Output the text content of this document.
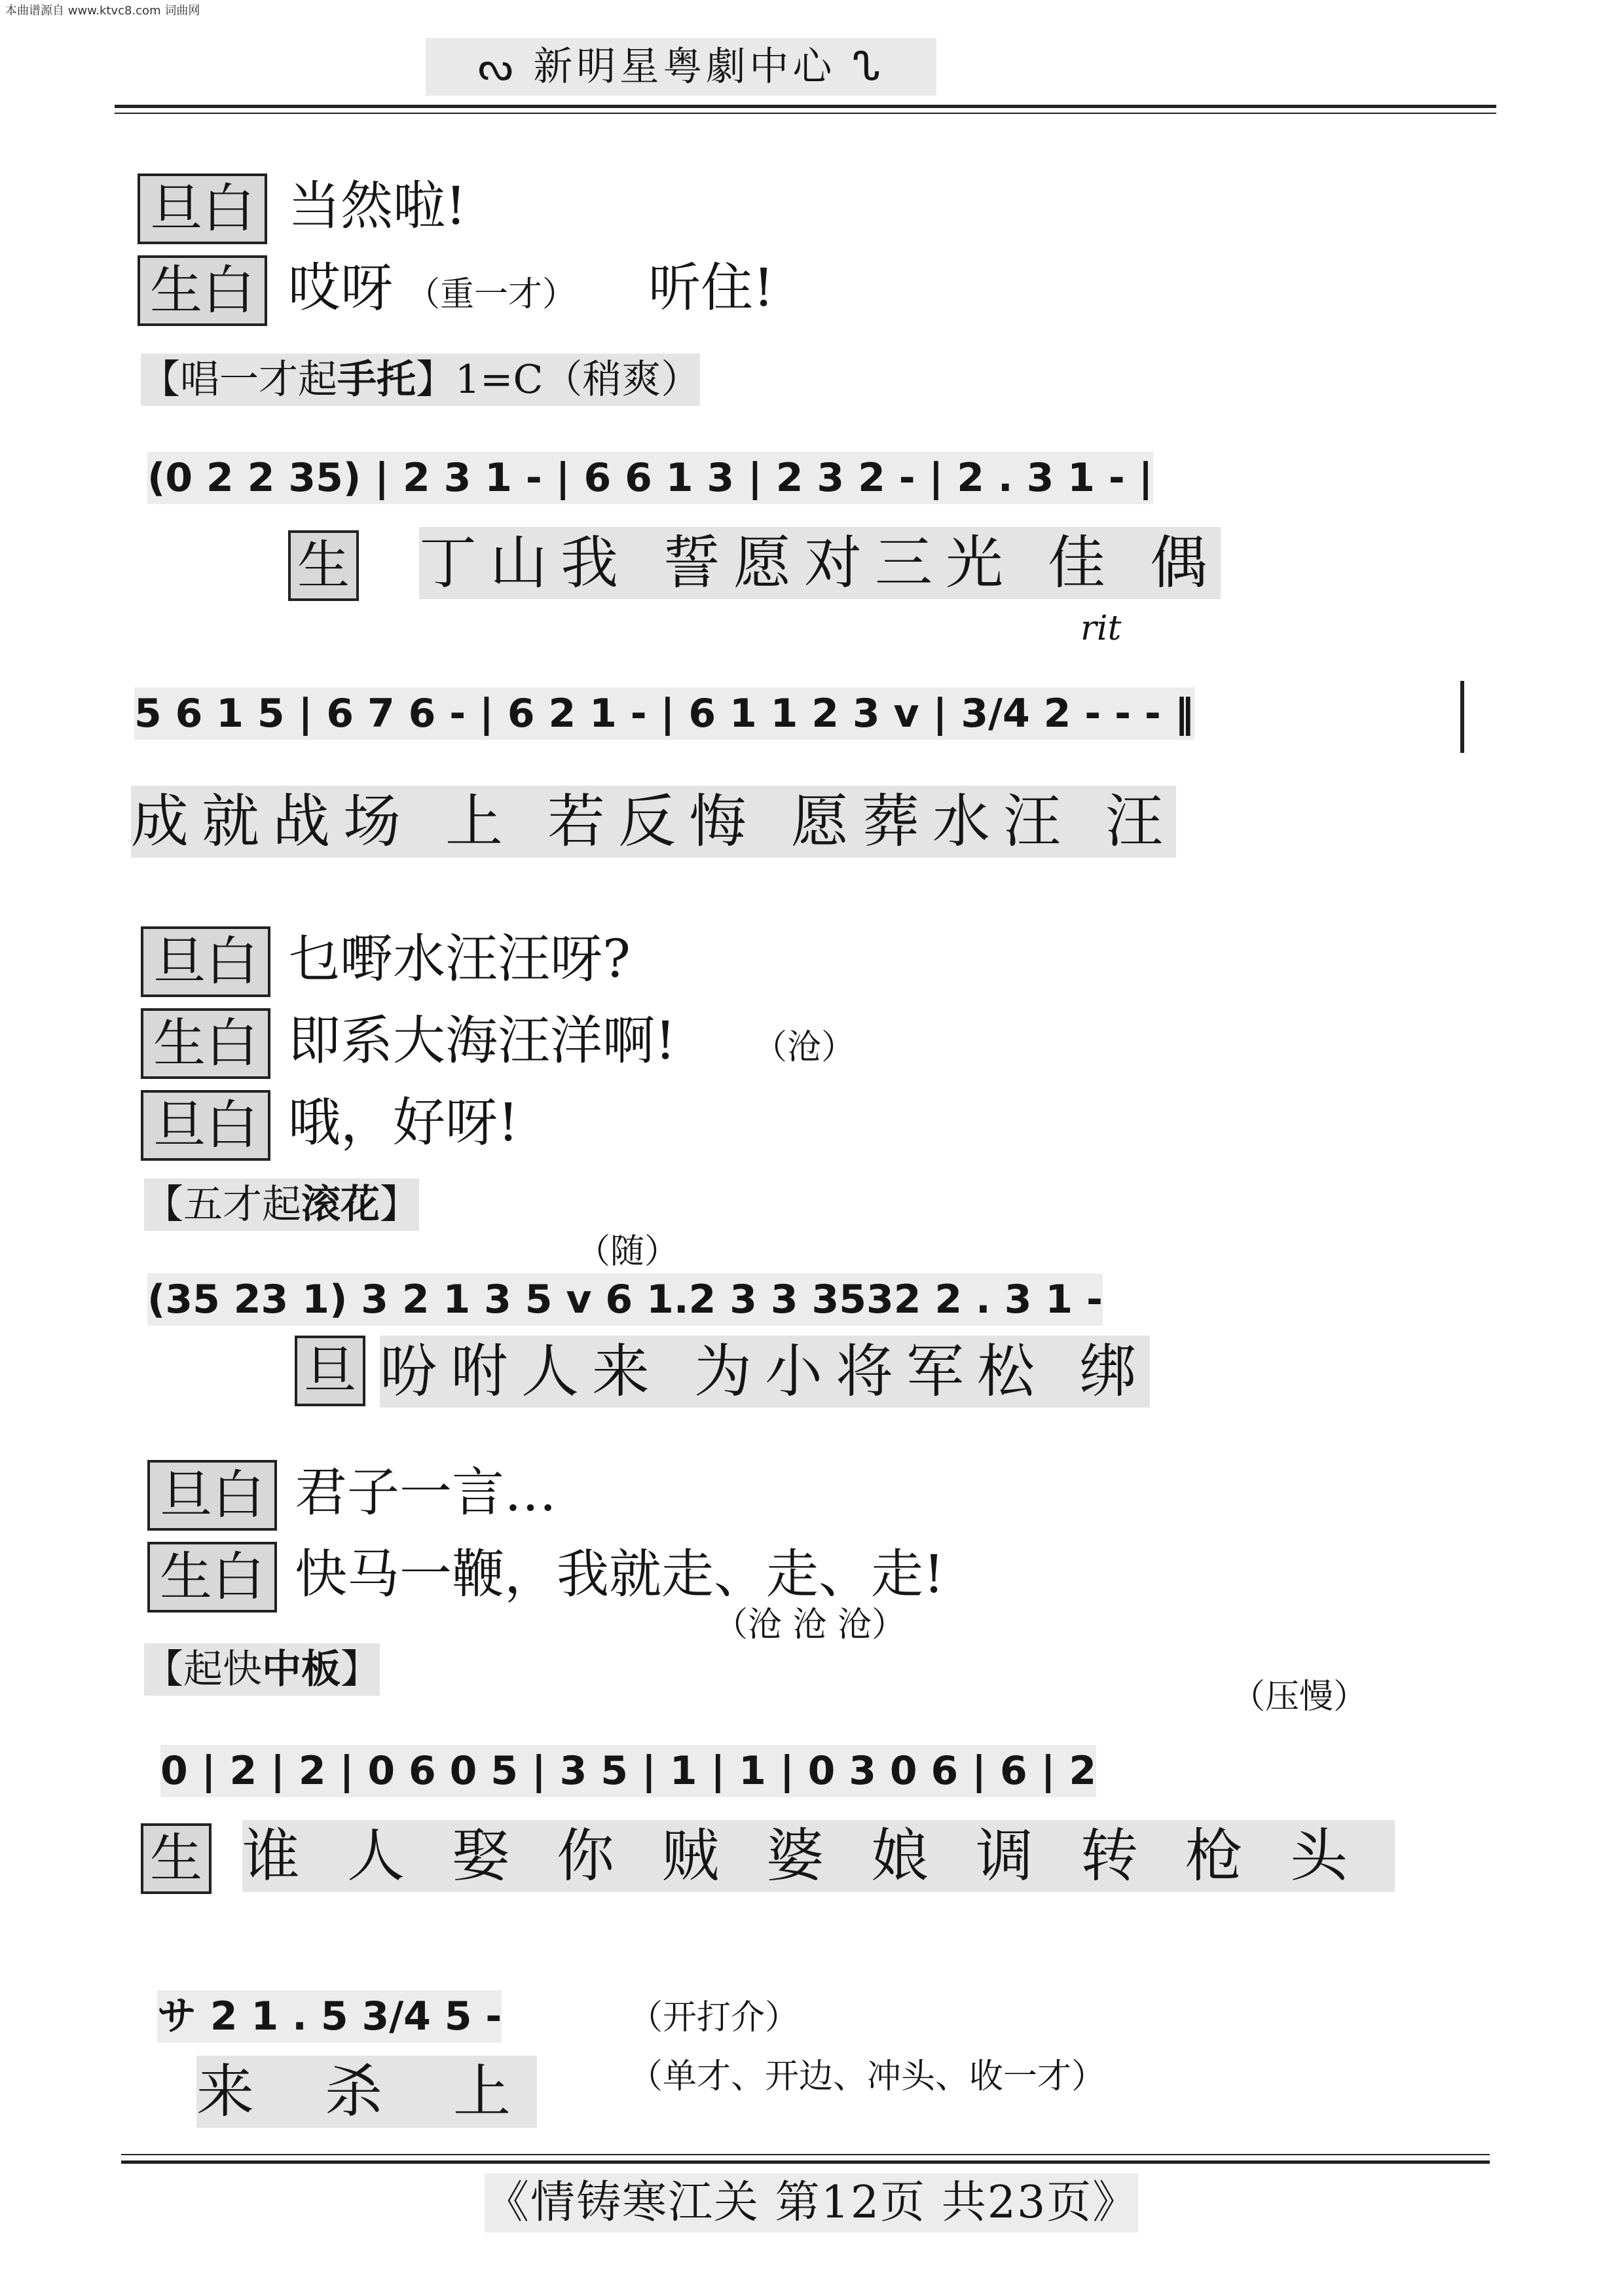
本曲谱源自 www.ktvc8.com 词曲网
ᔓ 新明星粤劇中心 ᔐ
旦白 当然啦!
生白 哎呀 （重一才） 听住!
【唱一才起手托】1=C（稍爽）
(0 2 2 35) | 2 3 1 - | 6 6 1 3 | 2 3 2 - | 2 . 3 1 - |
生 丁山我 誓愿对三光 佳 偶
rit
5 6 1 5 | 6 7 6 - | 6 2 1 - | 6 1 1 2 3 v | 3/4 2 - - - ‖
成就战场 上 若反悔 愿葬水汪 汪
旦白 乜嘢水汪汪呀?
生白 即系大海汪洋啊! （沧）
旦白 哦，好呀!
【五才起滚花】
（随）
(35 23 1) 3 2 1 3 5 v 6 1.2 3 3 3532 2 . 3 1 -
旦 吩咐人来 为小将军松 绑
旦白 君子一言…
生白 快马一鞭，我就走、走、走!
（沧 沧 沧）
【起快中板】
（压慢）
0 | 2 | 2 | 0 6 0 5 | 3 5 | 1 | 1 | 0 3 0 6 | 6 | 2
生 谁人娶你贼婆娘调转枪头
サ 2 1 . 5 3/4 5 -	（开打介）
来 杀 上	（单才、开边、冲头、收一才）
《情铸寒江关 第12页 共23页》
